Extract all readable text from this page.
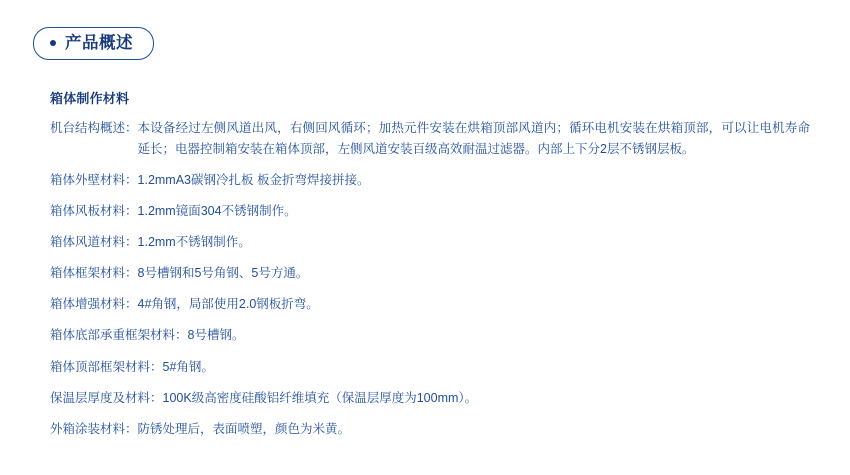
产品概述
箱体制作材料
机台结构概述： 本设备经过左侧风道出风，右侧回风循环；加热元件安装在烘箱顶部风道内；循环电机安装在烘箱顶部，可以让电机寿命延长；电器控制箱安装在箱体顶部，左侧风道安装百级高效耐温过滤器。内部上下分2层不锈钢层板。
箱体外壁材料： 1.2mmA3碳钢冷扎板 板金折弯焊接拼接。
箱体风板材料： 1.2mm镜面304不锈钢制作。
箱体风道材料： 1.2mm不锈钢制作。
箱体框架材料： 8号槽钢和5号角钢、5号方通。
箱体增强材料： 4#角钢，局部使用2.0钢板折弯。
箱体底部承重框架材料： 8号槽钢。
箱体顶部框架材料： 5#角钢。
保温层厚度及材料： 100K级高密度硅酸铝纤维填充（保温层厚度为100mm）。
外箱涂装材料： 防锈处理后，表面喷塑，颜色为米黄。
